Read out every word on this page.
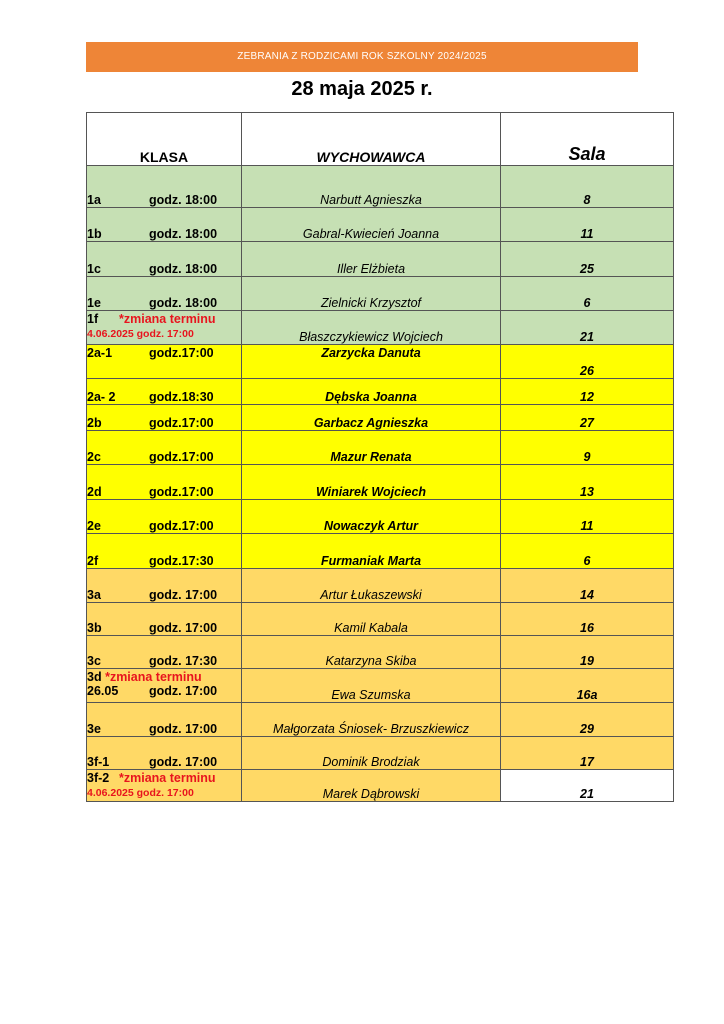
ZEBRANIA Z RODZICAMI ROK SZKOLNY 2024/2025
28 maja 2025 r.
KLASA	WYCHOWAWCA	Sala
1a godz. 18:00	Narbutt Agnieszka	8
1b godz. 18:00	Gabral-Kwiecień Joanna	11
1c godz. 18:00	Iller Elżbieta	25
1e godz. 18:00	Zielnicki Krzysztof	6
1f *zmiana terminu
4.06.2025 godz. 17:00	Błaszczykiewicz Wojciech	21
2a-1 godz.17:00	Zarzycka Danuta	26
2a- 2 godz.18:30	Dębska Joanna	12
2b godz.17:00	Garbacz Agnieszka	27
2c godz.17:00	Mazur Renata	9
2d godz.17:00	Winiarek Wojciech	13
2e godz.17:00	Nowaczyk Artur	11
2f godz.17:30	Furmaniak Marta	6
3a godz. 17:00	Artur Łukaszewski	14
3b godz. 17:00	Kamil Kabala	16
3c godz. 17:30	Katarzyna Skiba	19
3d *zmiana terminu
26.05 godz. 17:00	Ewa Szumska	16a
3e godz. 17:00	Małgorzata Śniosek- Brzuszkiewicz	29
3f-1 godz. 17:00	Dominik Brodziak	17
3f-2 *zmiana terminu
4.06.2025 godz. 17:00	Marek Dąbrowski	21
